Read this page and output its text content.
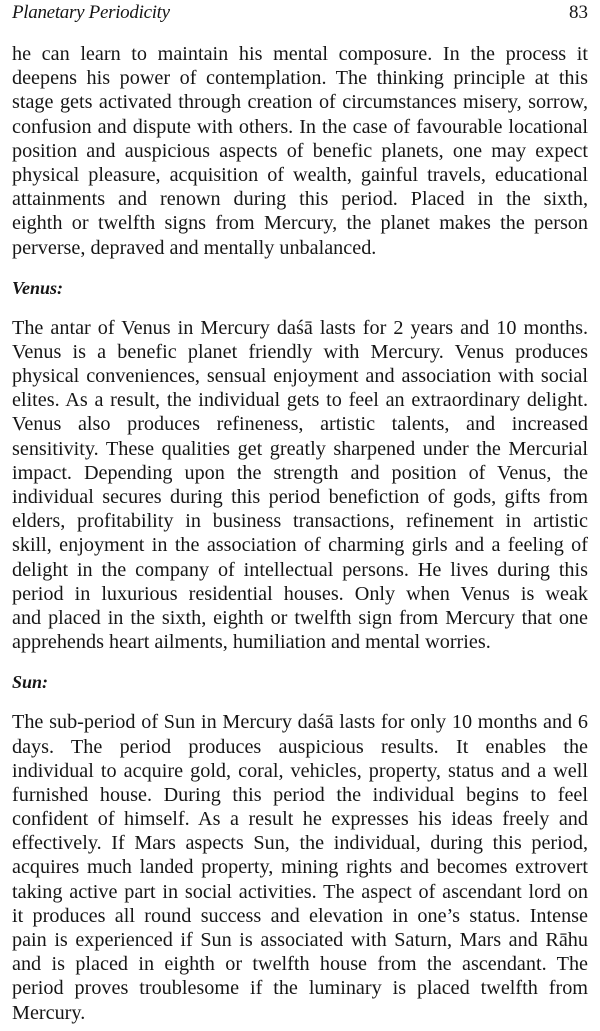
Planetary Periodicity	83

he can learn to maintain his mental composure. In the process it
deepens his power of contemplation. The thinking principle at this
stage gets activated through creation of circumstances misery, sorrow,
confusion and dispute with others. In the case of favourable locational
position and auspicious aspects of benefic planets, one may expect
physical pleasure, acquisition of wealth, gainful travels, educational
attainments and renown during this period. Placed in the sixth,
eighth or twelfth signs from Mercury, the planet makes the person
perverse, depraved and mentally unbalanced.

Venus:

The antar of Venus in Mercury daśā lasts for 2 years and 10 months.
Venus is a benefic planet friendly with Mercury. Venus produces
physical conveniences, sensual enjoyment and association with social
elites. As a result, the individual gets to feel an extraordinary delight.
Venus also produces refineness, artistic talents, and increased
sensitivity. These qualities get greatly sharpened under the Mercurial
impact. Depending upon the strength and position of Venus, the
individual secures during this period benefiction of gods, gifts from
elders, profitability in business transactions, refinement in artistic
skill, enjoyment in the association of charming girls and a feeling of
delight in the company of intellectual persons. He lives during this
period in luxurious residential houses. Only when Venus is weak
and placed in the sixth, eighth or twelfth sign from Mercury that one
apprehends heart ailments, humiliation and mental worries.

Sun:

The sub-period of Sun in Mercury daśā lasts for only 10 months and 6
days. The period produces auspicious results. It enables the
individual to acquire gold, coral, vehicles, property, status and a well
furnished house. During this period the individual begins to feel
confident of himself. As a result he expresses his ideas freely and
effectively. If Mars aspects Sun, the individual, during this period,
acquires much landed property, mining rights and becomes extrovert
taking active part in social activities. The aspect of ascendant lord on
it produces all round success and elevation in one’s status. Intense
pain is experienced if Sun is associated with Saturn, Mars and Rāhu
and is placed in eighth or twelfth house from the ascendant. The
period proves troublesome if the luminary is placed twelfth from
Mercury.
